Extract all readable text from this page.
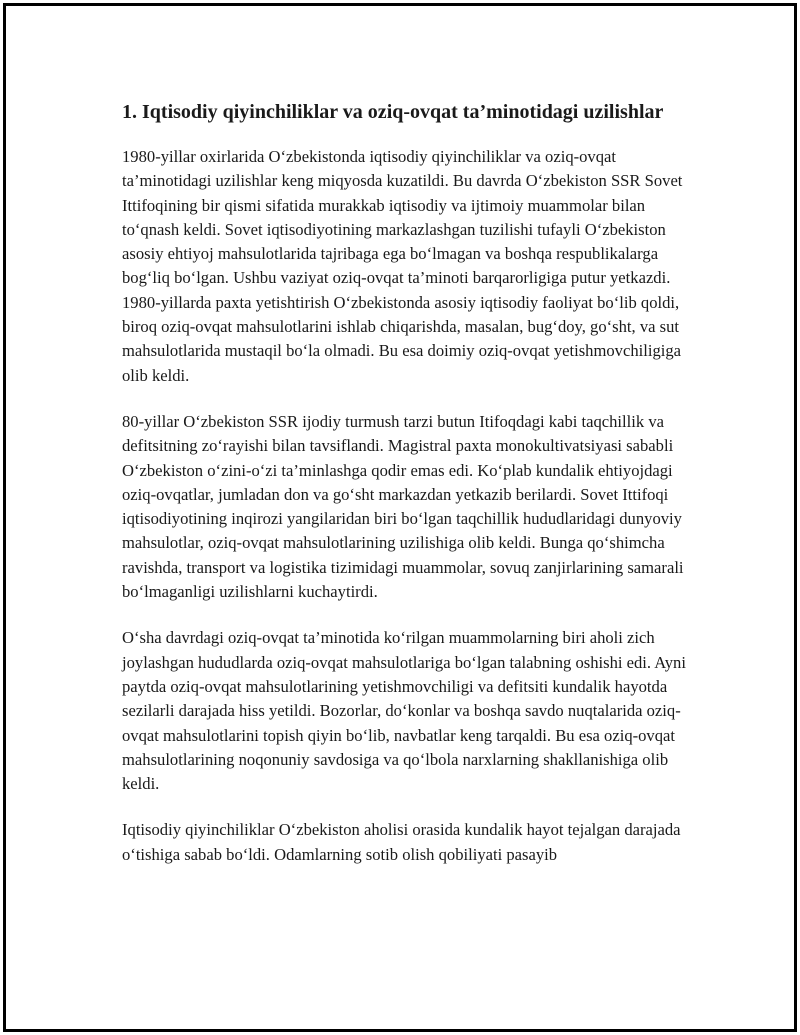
1. Iqtisodiy qiyinchiliklar va oziq-ovqat ta’minotidagi uzilishlar

1980-yillar oxirlarida O‘zbekistonda iqtisodiy qiyinchiliklar va oziq-ovqat ta’minotidagi uzilishlar keng miqyosda kuzatildi. Bu davrda O‘zbekiston SSR Sovet Ittifoqining bir qismi sifatida murakkab iqtisodiy va ijtimoiy muammolar bilan to‘qnash keldi. Sovet iqtisodiyotining markazlashgan tuzilishi tufayli O‘zbekiston asosiy ehtiyoj mahsulotlarida tajribaga ega bo‘lmagan va boshqa respublikalarga bog‘liq bo‘lgan. Ushbu vaziyat oziq-ovqat ta’minoti barqarorligiga putur yetkazdi. 1980-yillarda paxta yetishtirish O‘zbekistonda asosiy iqtisodiy faoliyat bo‘lib qoldi, biroq oziq-ovqat mahsulotlarini ishlab chiqarishda, masalan, bug‘doy, go‘sht, va sut mahsulotlarida mustaqil bo‘la olmadi. Bu esa doimiy oziq-ovqat yetishmovchiligiga olib keldi.

80-yillar O‘zbekiston SSR ijodiy turmush tarzi butun Itifoqdagi kabi taqchillik va defitsitning zo‘rayishi bilan tavsiflandi. Magistral paxta monokultivatsiyasi sababli O‘zbekiston o‘zini-o‘zi ta’minlashga qodir emas edi. Ko‘plab kundalik ehtiyojdagi oziq-ovqatlar, jumladan don va go‘sht markazdan yetkazib berilardi. Sovet Ittifoqi iqtisodiyotining inqirozi yangilaridan biri bo‘lgan taqchillik hududlaridagi dunyoviy mahsulotlar, oziq-ovqat mahsulotlarining uzilishiga olib keldi. Bunga qo‘shimcha ravishda, transport va logistika tizimidagi muammolar, sovuq zanjirlarining samarali bo‘lmaganligi uzilishlarni kuchaytirdi.

O‘sha davrdagi oziq-ovqat ta’minotida ko‘rilgan muammolarning biri aholi zich joylashgan hududlarda oziq-ovqat mahsulotlariga bo‘lgan talabning oshishi edi. Ayni paytda oziq-ovqat mahsulotlarining yetishmovchiligi va defitsiti kundalik hayotda sezilarli darajada hiss yetildi. Bozorlar, do‘konlar va boshqa savdo nuqtalarida oziq-ovqat mahsulotlarini topish qiyin bo‘lib, navbatlar keng tarqaldi. Bu esa oziq-ovqat mahsulotlarining noqonuniy savdosiga va qo‘lbola narxlarning shakllanishiga olib keldi.

Iqtisodiy qiyinchiliklar O‘zbekiston aholisi orasida kundalik hayot tejalgan darajada o‘tishiga sabab bo‘ldi. Odamlarning sotib olish qobiliyati pasayib
